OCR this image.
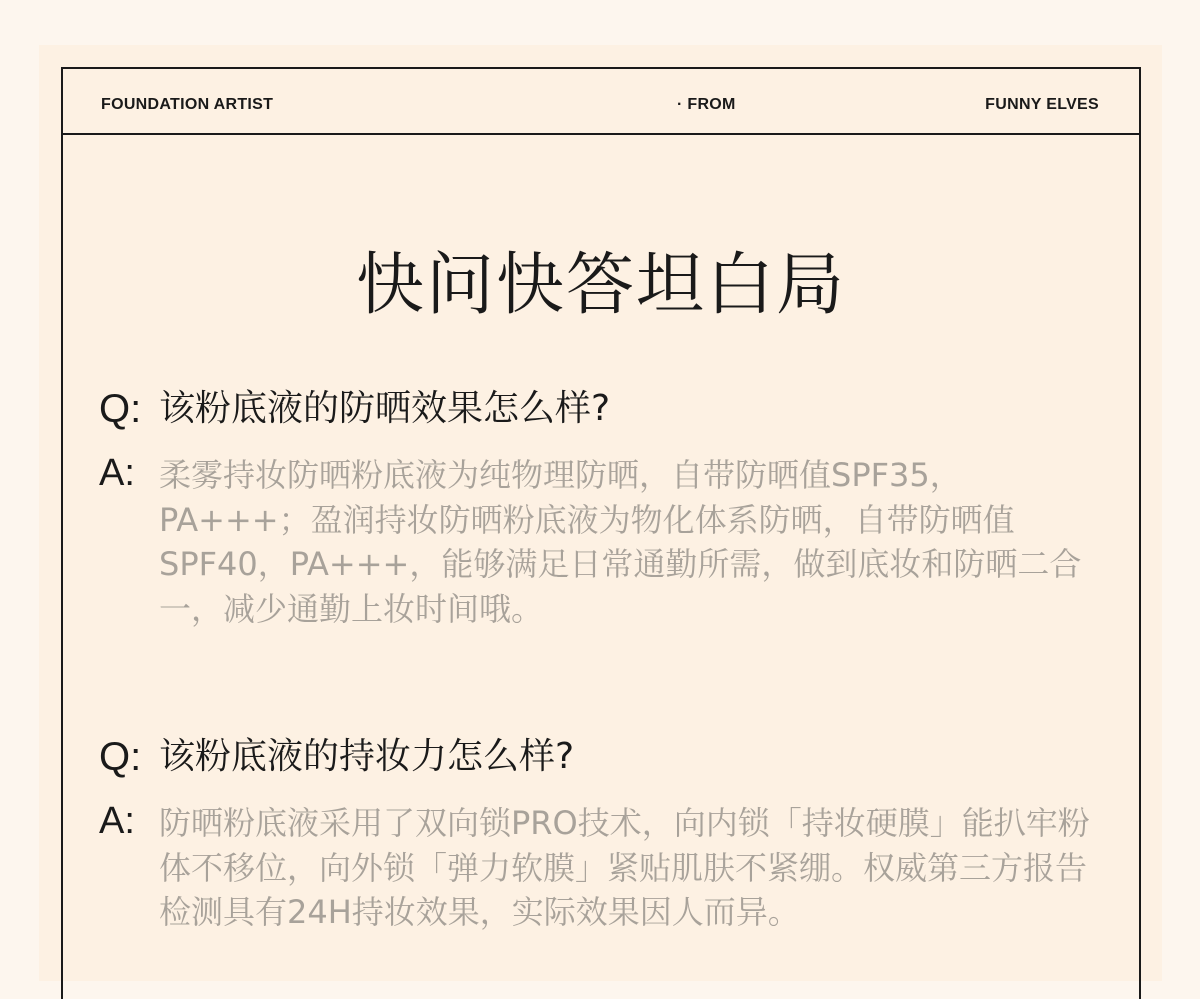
FOUNDATION ARTIST	· FROM	FUNNY ELVES
快问快答坦白局
Q: 该粉底液的防晒效果怎么样?
A: 柔雾持妆防晒粉底液为纯物理防晒，自带防晒值SPF35，PA+++；盈润持妆防晒粉底液为物化体系防晒，自带防晒值SPF40，PA+++，能够满足日常通勤所需，做到底妆和防晒二合一，减少通勤上妆时间哦。
Q: 该粉底液的持妆力怎么样?
A: 防晒粉底液采用了双向锁PRO技术，向内锁「持妆硬膜」能扒牢粉体不移位，向外锁「弹力软膜」紧贴肌肤不紧绷。权威第三方报告检测具有24H持妆效果，实际效果因人而异。
